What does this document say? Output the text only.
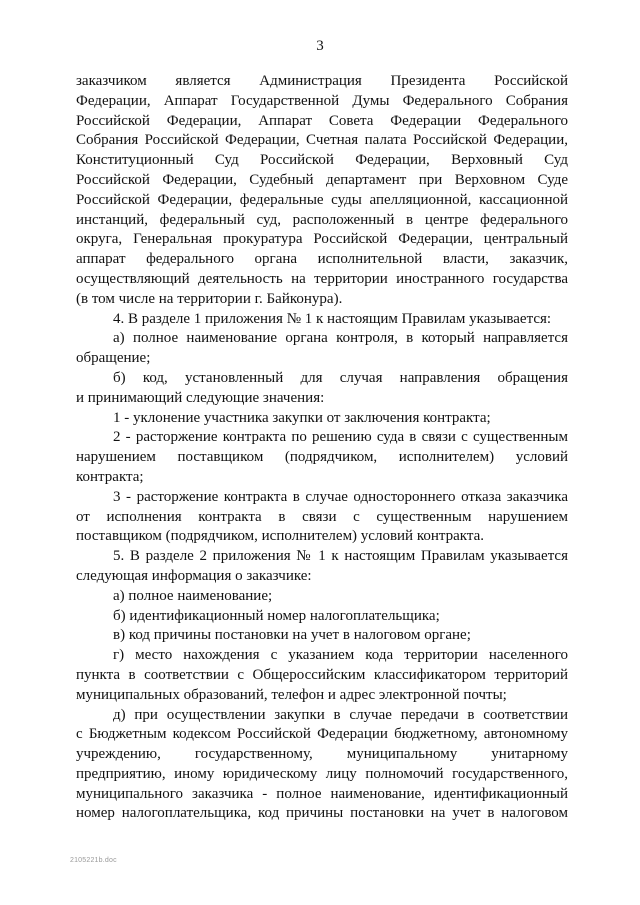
3
заказчиком является Администрация Президента Российской
Федерации, Аппарат Государственной Думы Федерального Собрания
Российской Федерации, Аппарат Совета Федерации Федерального
Собрания Российской Федерации, Счетная палата Российской Федерации,
Конституционный Суд Российской Федерации, Верховный Суд
Российской Федерации, Судебный департамент при Верховном Суде
Российской Федерации, федеральные суды апелляционной, кассационной
инстанций, федеральный суд, расположенный в центре федерального
округа, Генеральная прокуратура Российской Федерации, центральный
аппарат федерального органа исполнительной власти, заказчик,
осуществляющий деятельность на территории иностранного государства
(в том числе на территории г. Байконура).
4. В разделе 1 приложения № 1 к настоящим Правилам указывается:
а) полное наименование органа контроля, в который направляется
обращение;
б) код, установленный для случая направления обращения
и принимающий следующие значения:
1 - уклонение участника закупки от заключения контракта;
2 - расторжение контракта по решению суда в связи с существенным
нарушением поставщиком (подрядчиком, исполнителем) условий
контракта;
3 - расторжение контракта в случае одностороннего отказа заказчика
от исполнения контракта в связи с существенным нарушением
поставщиком (подрядчиком, исполнителем) условий контракта.
5. В разделе 2 приложения № 1 к настоящим Правилам указывается
следующая информация о заказчике:
а) полное наименование;
б) идентификационный номер налогоплательщика;
в) код причины постановки на учет в налоговом органе;
г) место нахождения с указанием кода территории населенного
пункта в соответствии с Общероссийским классификатором территорий
муниципальных образований, телефон и адрес электронной почты;
д) при осуществлении закупки в случае передачи в соответствии
с Бюджетным кодексом Российской Федерации бюджетному, автономному
учреждению, государственному, муниципальному унитарному
предприятию, иному юридическому лицу полномочий государственного,
муниципального заказчика - полное наименование, идентификационный
номер налогоплательщика, код причины постановки на учет в налоговом
2105221b.doc
